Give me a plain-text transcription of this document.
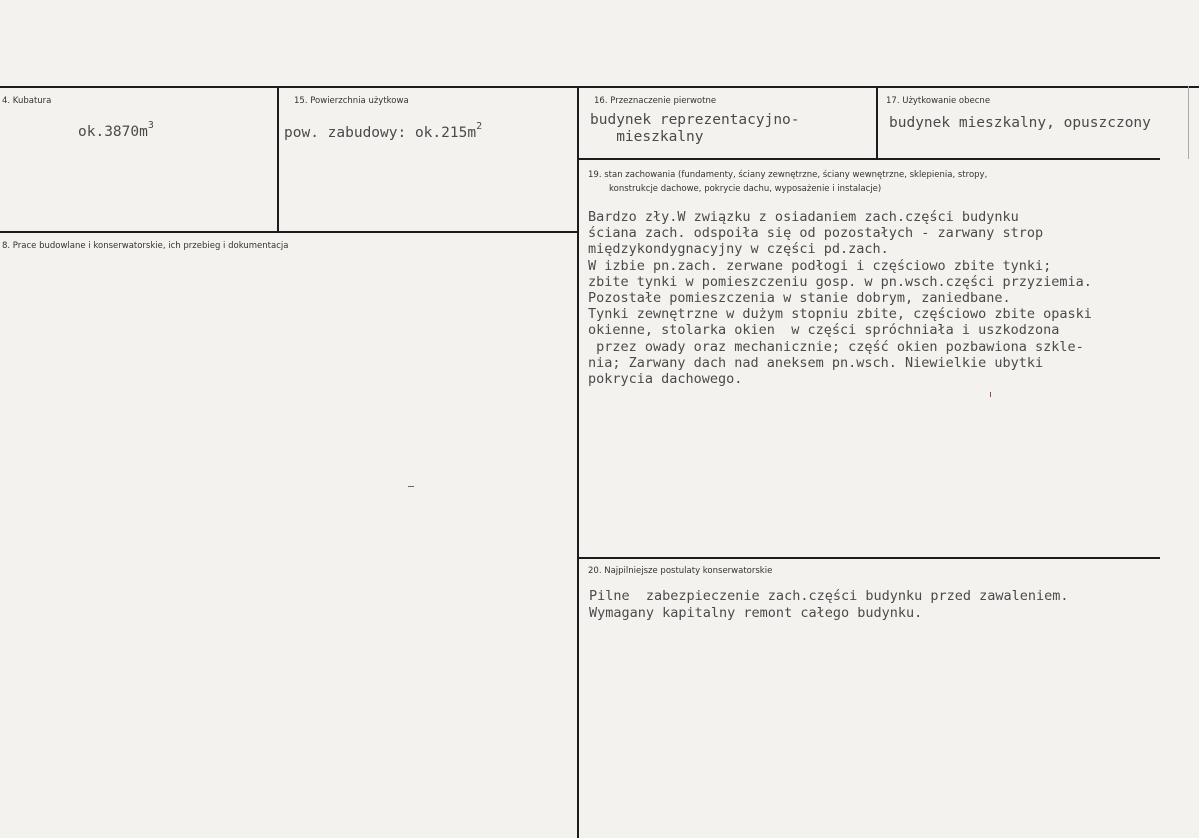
4. Kubatura
$ok.3870m^3$
15. Powierzchnia użytkowa
pow. zabudowy: $ok.215m^2$
16. Przeznaczenie pierwotne
budynek reprezentacyjno-
mieszkalny
17. Użytkowanie obecne
budynek mieszkalny, opuszczony
8. Prace budowlane i konserwatorskie, ich przebieg i dokumentacja
19. stan zachowania (fundamenty, ściany zewnętrzne, ściany wewnętrzne, sklepienia, stropy,
konstrukcje dachowe, pokrycie dachu, wyposażenie i instalacje)
Bardzo zły.W związku z osiadaniem zach.części budynku
ściana zach. odspoiła się od pozostałych - zarwany strop
międzykondygnacyjny w części pd.zach.
W izbie pn.zach. zerwane podłogi i częściowo zbite tynki;
zbite tynki w pomieszczeniu gosp. w pn.wsch.części przyziemia.
Pozostałe pomieszczenia w stanie dobrym, zaniedbane.
Tynki zewnętrzne w dużym stopniu zbite, częściowo zbite opaski
okienne, stolarka okien  w części spróchniała i uszkodzona
przez owady oraz mechanicznie; część okien pozbawiona szkle-
nia; Zarwany dach nad aneksem pn.wsch. Niewielkie ubytki
pokrycia dachowego.
20. Najpilniejsze postulaty konserwatorskie
Pilne  zabezpieczenie zach.części budynku przed zawaleniem.
Wymagany kapitalny remont całego budynku.
